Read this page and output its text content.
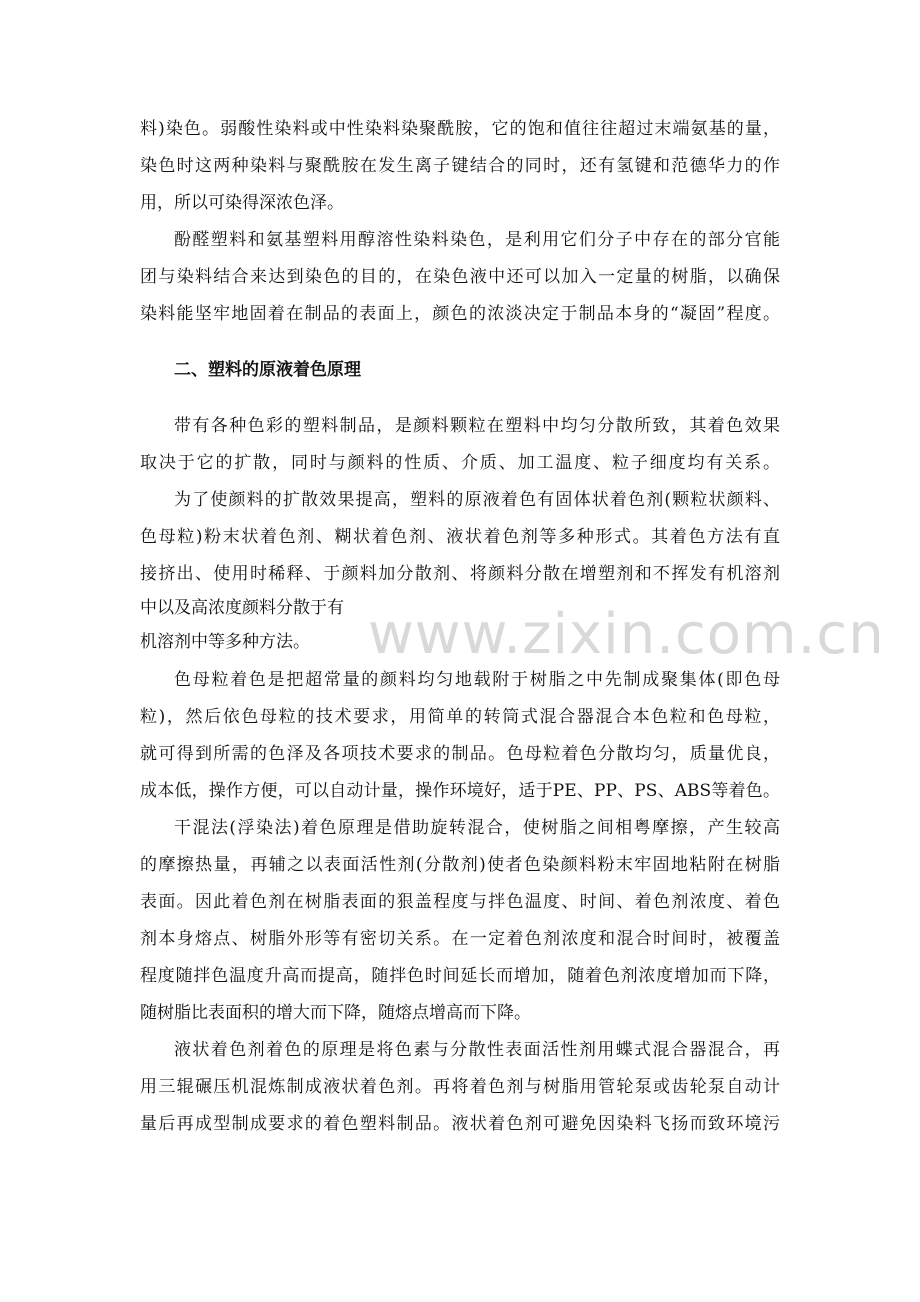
料)染色。弱酸性染料或中性染料染聚酰胺，它的饱和值往往超过末端氨基的量，
染色时这两种染料与聚酰胺在发生离子键结合的同时，还有氢键和范德华力的作
用，所以可染得深浓色泽。
酚醛塑料和氨基塑料用醇溶性染料染色，是利用它们分子中存在的部分官能
团与染料结合来达到染色的目的，在染色液中还可以加入一定量的树脂，以确保
染料能坚牢地固着在制品的表面上，颜色的浓淡决定于制品本身的“凝固”程度。
二、塑料的原液着色原理
带有各种色彩的塑料制品，是颜料颗粒在塑料中均匀分散所致，其着色效果
取决于它的扩散，同时与颜料的性质、介质、加工温度、粒子细度均有关系。
为了使颜料的扩散效果提高，塑料的原液着色有固体状着色剂(颗粒状颜料、
色母粒)粉末状着色剂、糊状着色剂、液状着色剂等多种形式。其着色方法有直
接挤出、使用时稀释、于颜料加分散剂、将颜料分散在增塑剂和不挥发有机溶剂
中以及高浓度颜料分散于有
机溶剂中等多种方法。
色母粒着色是把超常量的颜料均匀地载附于树脂之中先制成聚集体(即色母
粒)，然后依色母粒的技术要求，用简单的转筒式混合器混合本色粒和色母粒，
就可得到所需的色泽及各项技术要求的制品。色母粒着色分散均匀，质量优良，
成本低，操作方便，可以自动计量，操作环境好，适于PE、PP、PS、ABS等着色。
干混法(浮染法)着色原理是借助旋转混合，使树脂之间相粤摩擦，产生较高
的摩擦热量，再辅之以表面活性剂(分散剂)使者色染颜料粉末牢固地粘附在树脂
表面。因此着色剂在树脂表面的狠盖程度与拌色温度、时间、着色剂浓度、着色
剂本身熔点、树脂外形等有密切关系。在一定着色剂浓度和混合时间时，被覆盖
程度随拌色温度升高而提高，随拌色时间延长而增加，随着色剂浓度增加而下降，
随树脂比表面积的增大而下降，随熔点增高而下降。
液状着色剂着色的原理是将色素与分散性表面活性剂用蝶式混合器混合，再
用三辊碾压机混炼制成液状着色剂。再将着色剂与树脂用管轮泵或齿轮泵自动计
量后再成型制成要求的着色塑料制品。液状着色剂可避免因染料飞扬而致环境污
www.zixin.com.cn
